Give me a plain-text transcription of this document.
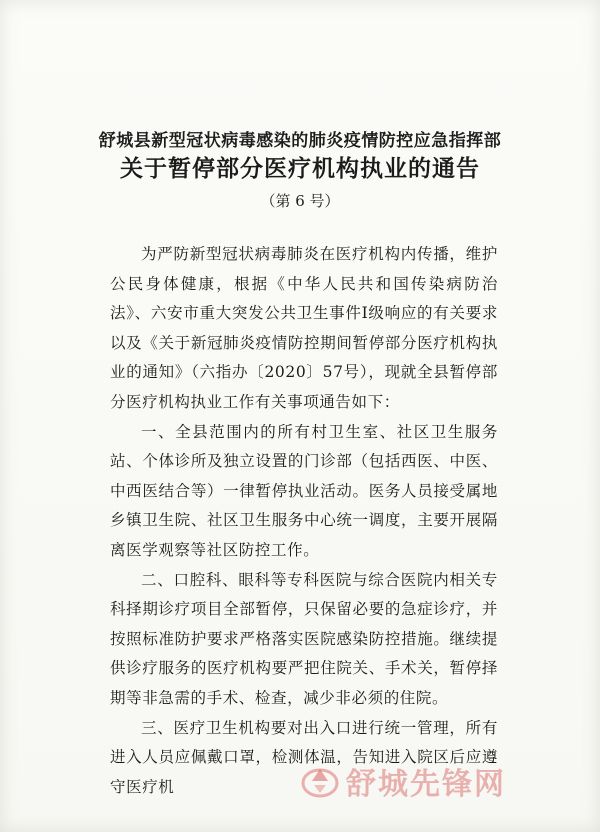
舒城县新型冠状病毒感染的肺炎疫情防控应急指挥部
关于暂停部分医疗机构执业的通告
（第 6 号）

为严防新型冠状病毒肺炎在医疗机构内传播，维护公民身体健康，根据《中华人民共和国传染病防治法》、六安市重大突发公共卫生事件Ⅰ级响应的有关要求以及《关于新冠肺炎疫情防控期间暂停部分医疗机构执业的通知》（六指办〔2020〕57号），现就全县暂停部分医疗机构执业工作有关事项通告如下：

一、全县范围内的所有村卫生室、社区卫生服务站、个体诊所及独立设置的门诊部（包括西医、中医、中西医结合等）一律暂停执业活动。医务人员接受属地乡镇卫生院、社区卫生服务中心统一调度，主要开展隔离医学观察等社区防控工作。

二、口腔科、眼科等专科医院与综合医院内相关专科择期诊疗项目全部暂停，只保留必要的急症诊疗，并按照标准防护要求严格落实医院感染防控措施。继续提供诊疗服务的医疗机构要严把住院关、手术关，暂停择期等非急需的手术、检查，减少非必须的住院。

三、医疗卫生机构要对出入口进行统一管理，所有进入人员应佩戴口罩，检测体温，告知进入院区后应遵守医疗机	舒城先锋网
